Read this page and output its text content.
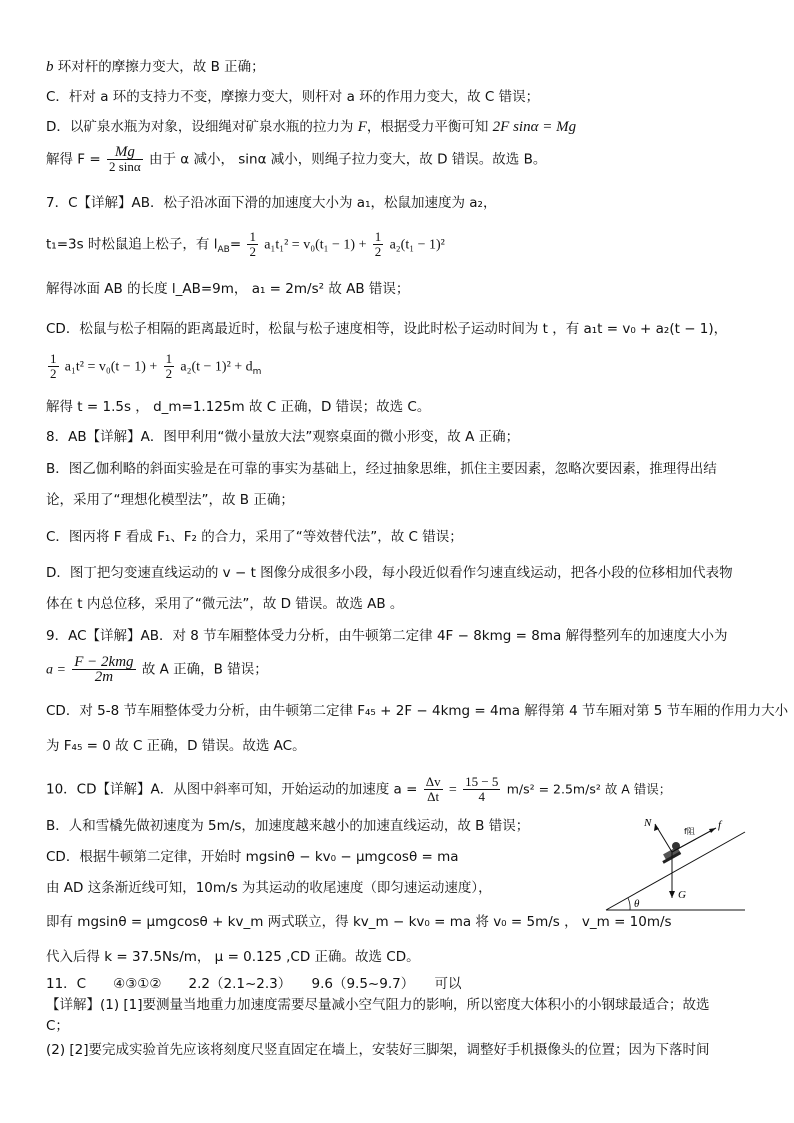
b 环对杆的摩擦力变大，故 B 正确；
C．杆对 a 环的支持力不变，摩擦力变大，则杆对 a 环的作用力变大，故 C 错误；
D．以矿泉水瓶为对象，设细绳对矿泉水瓶的拉力为 F，根据受力平衡可知 2F sinα = Mg
解得 $F = \frac{Mg}{2 \sin\alpha}$ 由于 α 减小， sinα 减小，则绳子拉力变大，故 D 错误。故选 B。
7．C【详解】AB．松子沿冰面下滑的加速度大小为 a₁，松鼠加速度为 a₂，
t₁=3s 时松鼠追上松子，有 $l_{AB}= \frac{1}{2} a_1t_1^2 = v_0(t_1 - 1) + \frac{1}{2} a_2(t_1 - 1)^2$
解得冰面 AB 的长度 l_AB=9m， a₁ = 2m/s² 故 AB 错误；
CD．松鼠与松子相隔的距离最近时，松鼠与松子速度相等，设此时松子运动时间为 t ，有 a₁t = v₀ + a₂(t − 1)，
$\frac{1}{2} a_1t^2 = v_0(t - 1) + \frac{1}{2} a_2(t - 1)^2 + d_m$
解得 t = 1.5s ， d_m=1.125m 故 C 正确，D 错误；故选 C。
8．AB【详解】A．图甲利用“微小量放大法”观察桌面的微小形变，故 A 正确；
B．图乙伽利略的斜面实验是在可靠的事实为基础上，经过抽象思维，抓住主要因素，忽略次要因素，推理得出结
论，采用了“理想化模型法”，故 B 正确；
C．图丙将 F 看成 F₁、F₂ 的合力，采用了“等效替代法”，故 C 错误；
D．图丁把匀变速直线运动的 v − t 图像分成很多小段，每小段近似看作匀速直线运动，把各小段的位移相加代表物
体在 t 内总位移，采用了“微元法”，故 D 错误。故选 AB 。
9．AC【详解】AB．对 8 节车厢整体受力分析，由牛顿第二定律 4F − 8kmg = 8ma 解得整列车的加速度大小为
$a = \frac{\text{F − 2kmg}}{2m}$ 故 A 正确，B 错误；
CD．对 5-8 节车厢整体受力分析，由牛顿第二定律 F₄₅ + 2F − 4kmg = 4ma 解得第 4 节车厢对第 5 节车厢的作用力大小
为 F₄₅ = 0 故 C 正确，D 错误。故选 AC。
10．CD【详解】A．从图中斜率可知，开始运动的加速度 $a = \frac{\Delta v}{\Delta t} = \frac{15 - 5}{4} m/s^2 = 2.5m/s^2$ 故 A 错误；
B．人和雪橇先做初速度为 5m/s，加速度越来越小的加速直线运动，故 B 错误；
CD．根据牛顿第二定律，开始时 mgsinθ − kv₀ − μmgcosθ = ma
由 AD 这条渐近线可知，10m/s 为其运动的收尾速度（即匀速运动速度），
即有 mgsinθ = μmgcosθ + kv_m 两式联立，得 kv_m − kv₀ = ma 将 v₀ = 5m/s ， v_m = 10m/s
代入后得 k = 37.5Ns/m， μ = 0.125 ,CD 正确。故选 CD。
11．C　　④③①②　　2.2（2.1~2.3）　　9.6（9.5~9.7）　　可以
【详解】(1) [1]要测量当地重力加速度需要尽量减小空气阻力的影响，所以密度大体积小的小钢球最适合；故选
C；
(2) [2]要完成实验首先应该将刻度尺竖直固定在墙上，安装好三脚架，调整好手机摄像头的位置；因为下落时间
θ
N	f
f阻
G
